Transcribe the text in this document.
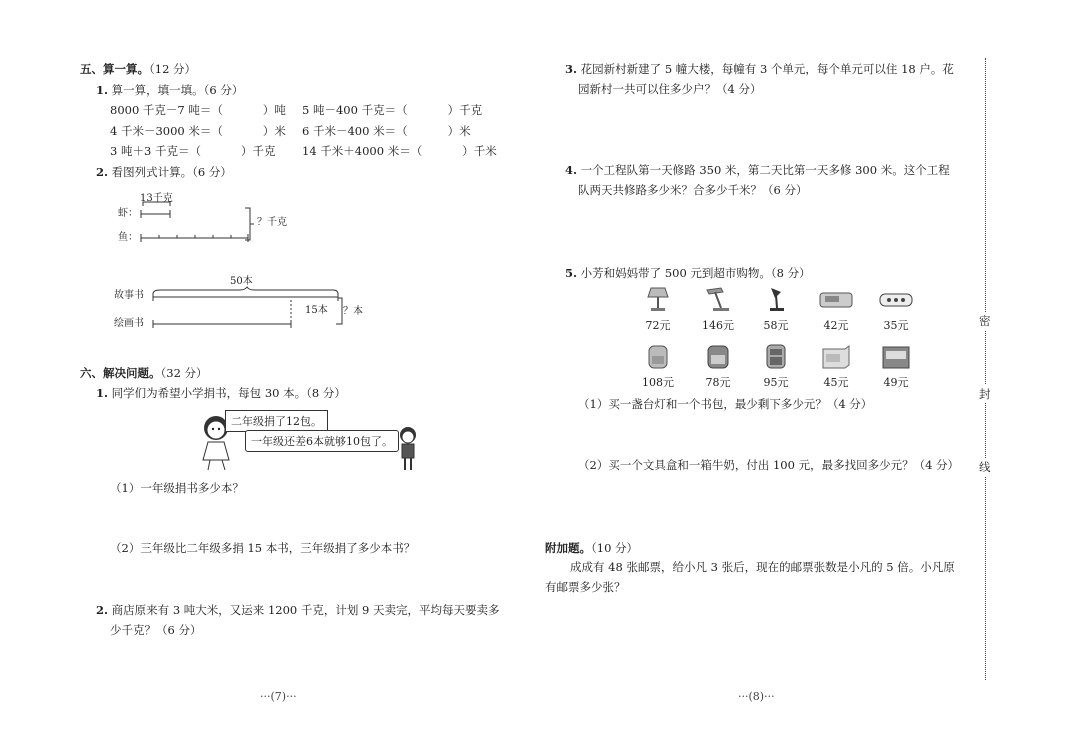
五、算一算。（12 分）
1. 算一算，填一填。（6 分）
8000 千克－7 吨＝（	）吨 5 吨－400 千克＝（	）千克
4 千米－3000 米＝（	）米 6 千米－400 米＝（	）米
3 吨＋3 千克＝（	）千克 14 千米＋4000 米＝（	）千米
2. 看图列式计算。（6 分）
13千克
虾：
鱼：
？千克
50本
故事书
绘画书
15本 ？本
六、解决问题。（32 分）
1. 同学们为希望小学捐书，每包 30 本。（8 分）
二年级捐了12包。
一年级还差6本就够10包了。
（1）一年级捐书多少本？
（2）三年级比二年级多捐 15 本书，三年级捐了多少本书？
2. 商店原来有 3 吨大米，又运来 1200 千克，计划 9 天卖完，平均每天要卖多
少千克？（6 分）
···(7)···
3. 花园新村新建了 5 幢大楼，每幢有 3 个单元，每个单元可以住 18 户。花
园新村一共可以住多少户？（4 分）
4. 一个工程队第一天修路 350 米，第二天比第一天多修 300 米。这个工程
队两天共修路多少米？合多少千米？（6 分）
5. 小芳和妈妈带了 500 元到超市购物。（8 分）
72元	146元	58元	42元	35元
108元	78元	95元	45元	49元
（1）买一盏台灯和一个书包，最少剩下多少元？（4 分）
（2）买一个文具盒和一箱牛奶，付出 100 元，最多找回多少元？（4 分）
附加题。（10 分）
成成有 48 张邮票，给小凡 3 张后，现在的邮票张数是小凡的 5 倍。小凡原
有邮票多少张？
···(8)···
密
封
线
